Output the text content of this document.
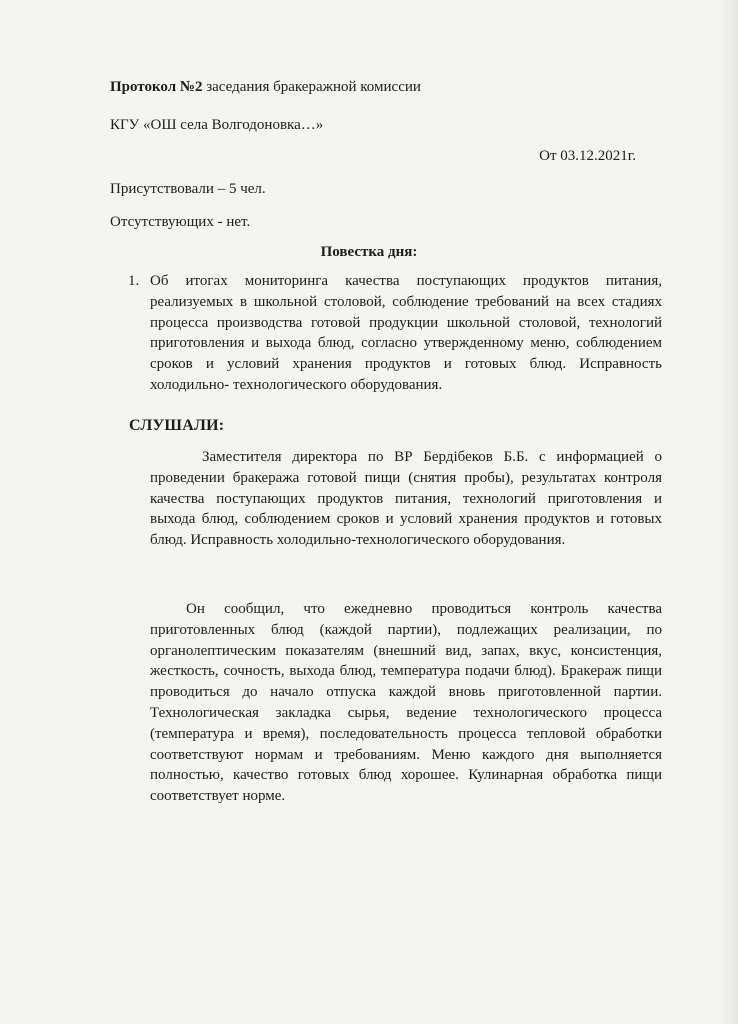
Протокол №2 заседания бракеражной комиссии
КГУ «ОШ села Волгодоновка…»
От 03.12.2021г.
Присутствовали – 5 чел.
Отсутствующих - нет.
Повестка дня:
1. Об итогах мониторинга качества поступающих продуктов питания, реализуемых в школьной столовой, соблюдение требований на всех стадиях процесса производства готовой продукции школьной столовой, технологий приготовления и выхода блюд, согласно утвержденному меню, соблюдением сроков и условий хранения продуктов и готовых блюд. Исправность холодильно- технологического оборудования.
СЛУШАЛИ:
Заместителя директора по ВР Бердібеков Б.Б. с информацией о проведении бракеража готовой пищи (снятия пробы), результатах контроля качества поступающих продуктов питания, технологий приготовления и выхода блюд, соблюдением сроков и условий хранения продуктов и готовых блюд. Исправность холодильно-технологического оборудования.
Он сообщил, что ежедневно проводиться контроль качества приготовленных блюд (каждой партии), подлежащих реализации, по органолептическим показателям (внешний вид, запах, вкус, консистенция, жесткость, сочность, выхода блюд, температура подачи блюд). Бракераж пищи проводиться до начало отпуска каждой вновь приготовленной партии. Технологическая закладка сырья, ведение технологического процесса (температура и время), последовательность процесса тепловой обработки соответствуют нормам и требованиям. Меню каждого дня выполняется полностью, качество готовых блюд хорошее. Кулинарная обработка пищи соответствует норме.
